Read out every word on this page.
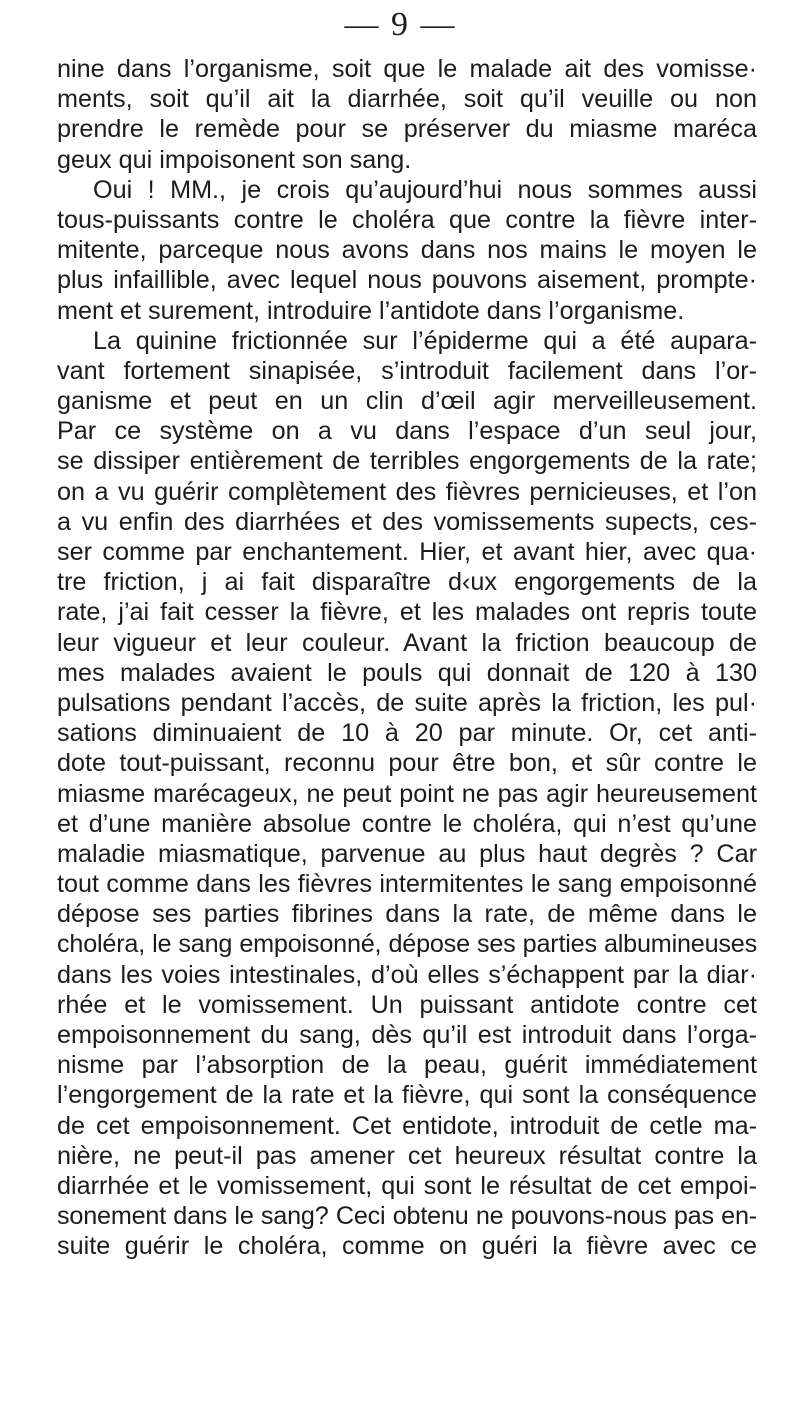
— 9 —
nine dans l’organisme, soit que le malade ait des vomisse·
ments, soit qu’il ait la diarrhée, soit qu’il veuille ou non
prendre le remède pour se préserver du miasme maréca
geux qui impoisonent son sang.
Oui ! MM., je crois qu’aujourd’hui nous sommes aussi
tous-puissants contre le choléra que contre la fièvre inter-
mitente, parceque nous avons dans nos mains le moyen le
plus infaillible, avec lequel nous pouvons aisement, prompte·
ment et surement, introduire l’antidote dans l’organisme.
La quinine frictionnée sur l’épiderme qui a été aupara-
vant fortement sinapisée, s’introduit facilement dans l’or-
ganisme et peut en un clin d’œil agir merveilleusement.
Par ce système on a vu dans l’espace d’un seul jour,
se dissiper entièrement de terribles engorgements de la rate;
on a vu guérir complètement des fièvres pernicieuses, et l’on
a vu enfin des diarrhées et des vomissements supects, ces-
ser comme par enchantement. Hier, et avant hier, avec qua·
tre friction, j ai fait disparaître d‹ux engorgements de la
rate, j’ai fait cesser la fièvre, et les malades ont repris toute
leur vigueur et leur couleur. Avant la friction beaucoup de
mes malades avaient le pouls qui donnait de 120 à 130
pulsations pendant l’accès, de suite après la friction, les pul·
sations diminuaient de 10 à 20 par minute. Or, cet anti-
dote tout-puissant, reconnu pour être bon, et sûr contre le
miasme marécageux, ne peut point ne pas agir heureusement
et d’une manière absolue contre le choléra, qui n’est qu’une
maladie miasmatique, parvenue au plus haut degrès ? Car
tout comme dans les fièvres intermitentes le sang empoisonné
dépose ses parties fibrines dans la rate, de même dans le
choléra, le sang empoisonné, dépose ses parties albumineuses
dans les voies intestinales, d’où elles s’échappent par la diar·
rhée et le vomissement. Un puissant antidote contre cet
empoisonnement du sang, dès qu’il est introduit dans l’orga-
nisme par l’absorption de la peau, guérit immédiatement
l’engorgement de la rate et la fièvre, qui sont la conséquence
de cet empoisonnement. Cet entidote, introduit de cetle ma-
nière, ne peut-il pas amener cet heureux résultat contre la
diarrhée et le vomissement, qui sont le résultat de cet empoi-
sonement dans le sang? Ceci obtenu ne pouvons-nous pas en-
suite guérir le choléra, comme on guéri la fièvre avec ce
